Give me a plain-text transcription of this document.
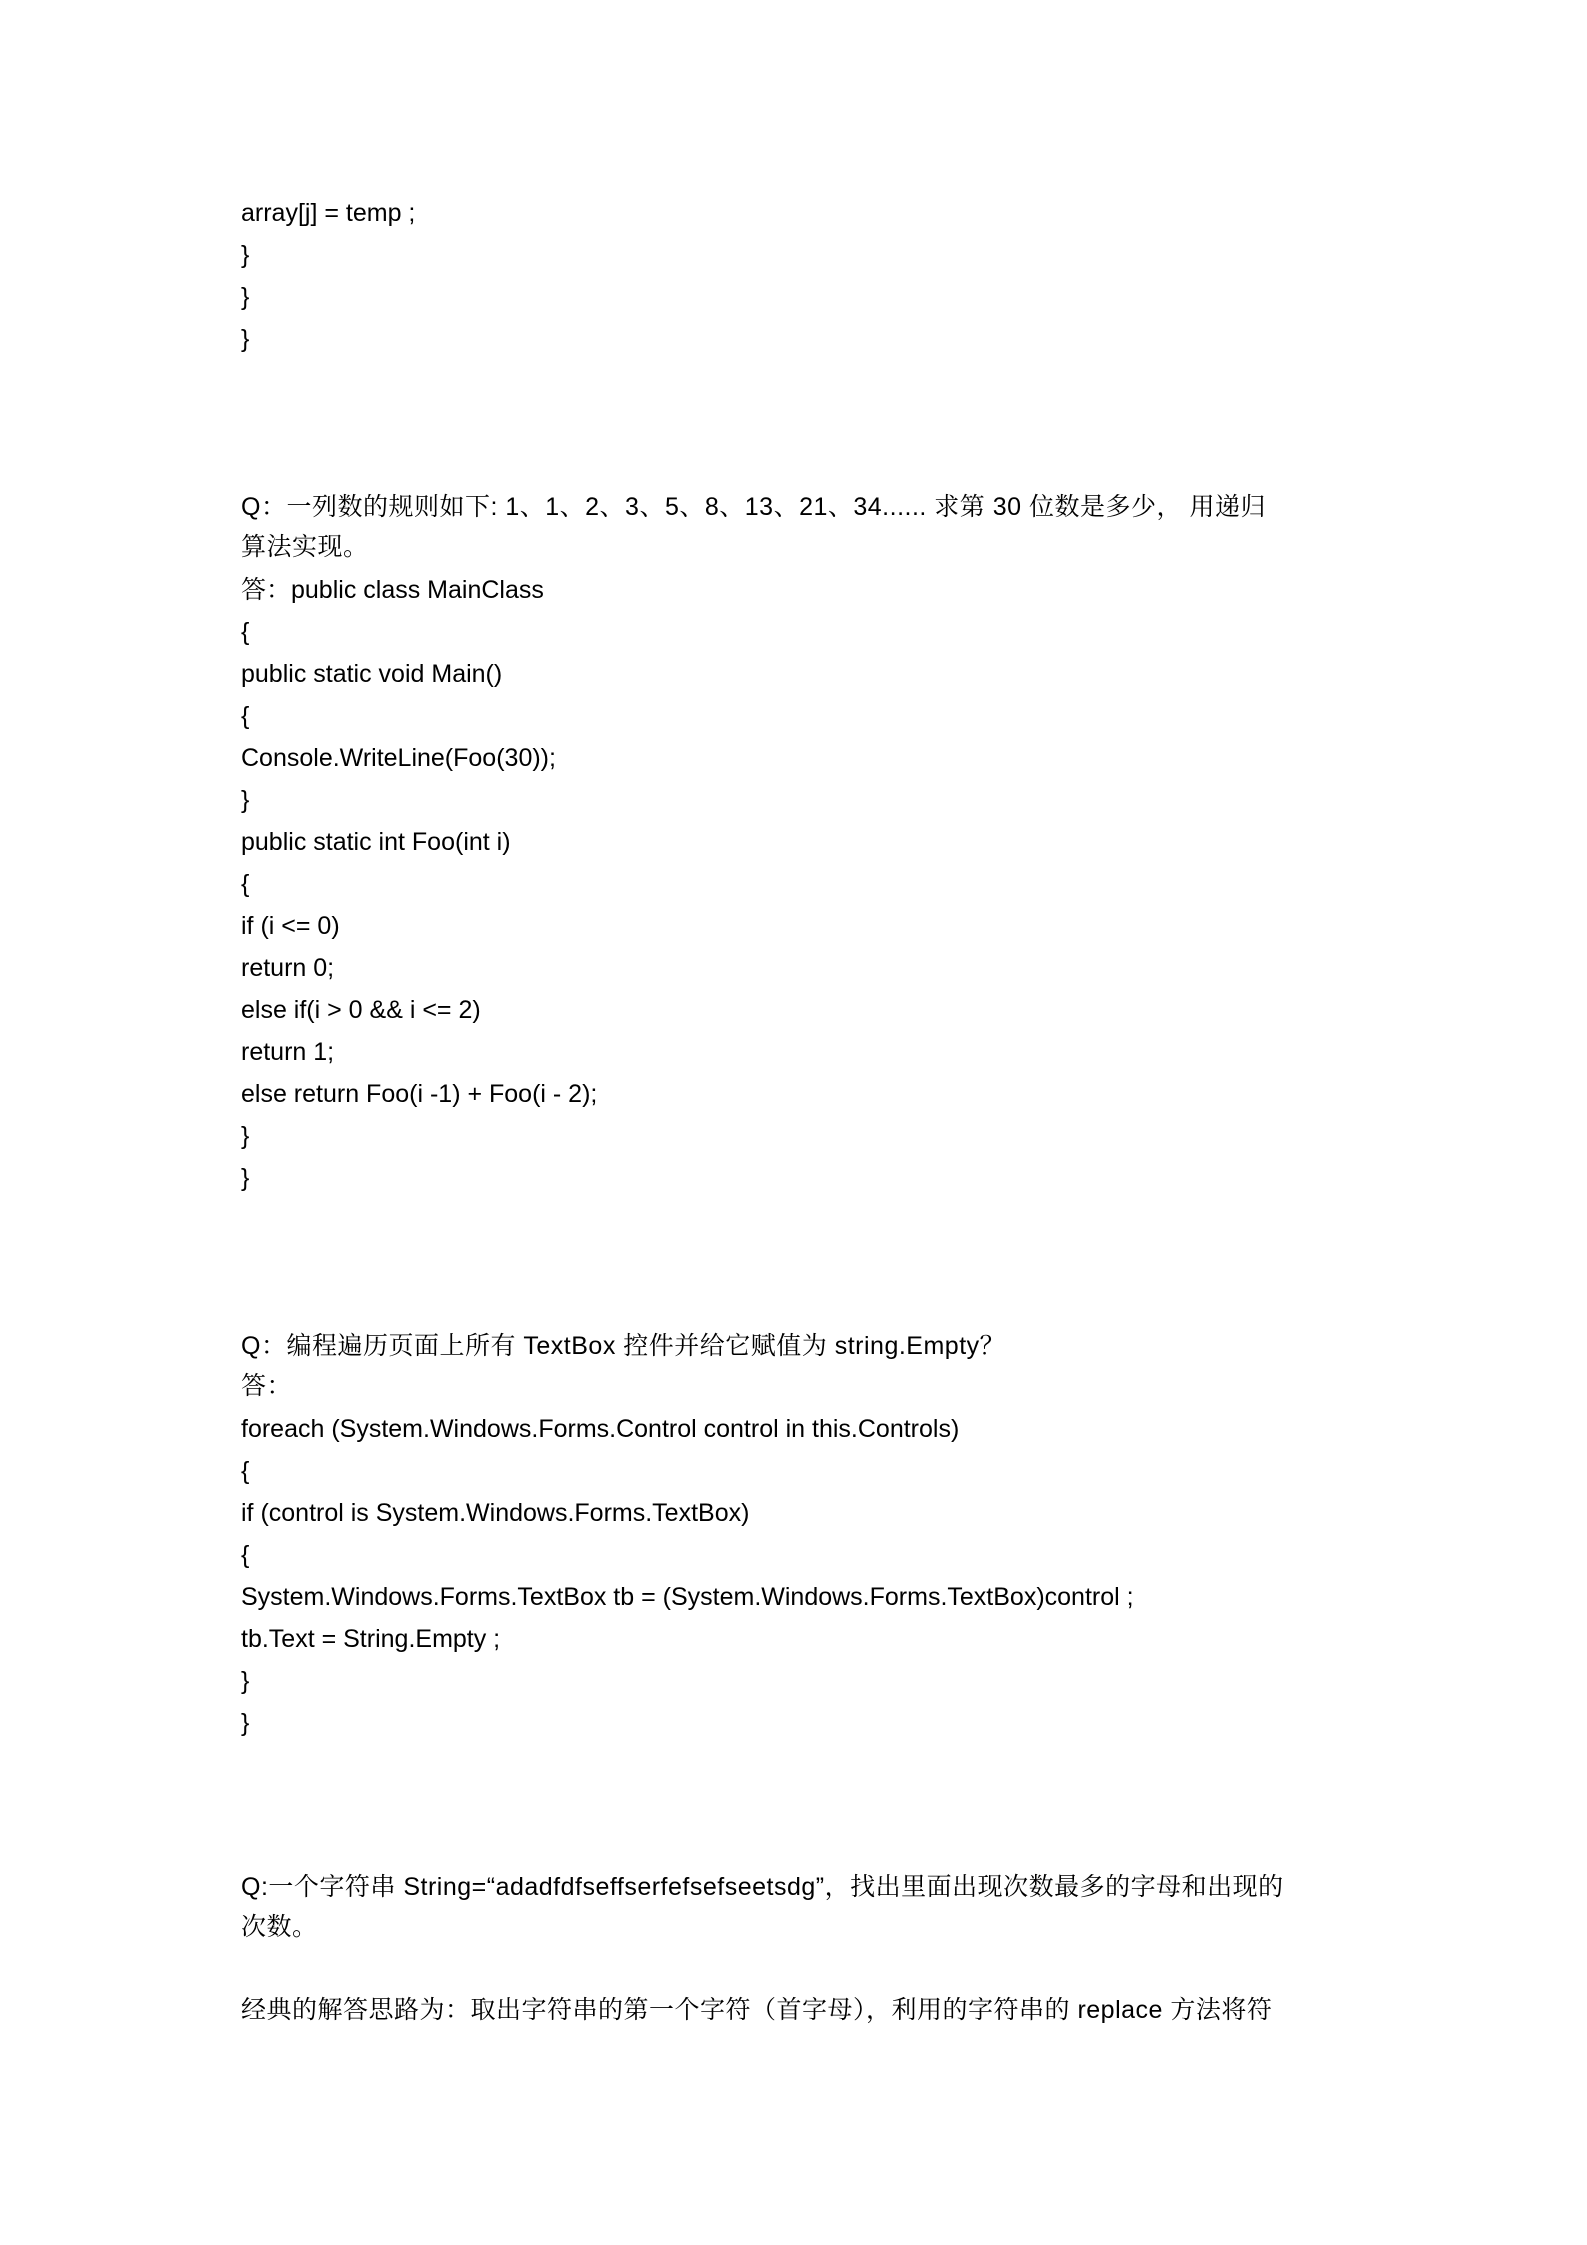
array[j] = temp ;
}
}
}
Q：一列数的规则如下: 1、1、2、3、5、8、13、21、34...... 求第 30 位数是多少， 用递归
算法实现。
答：public class MainClass
{
public static void Main()
{
Console.WriteLine(Foo(30));
}
public static int Foo(int i)
{
if (i <= 0)
return 0;
else if(i > 0 && i <= 2)
return 1;
else return Foo(i -1) + Foo(i - 2);
}
}
Q：编程遍历页面上所有 TextBox 控件并给它赋值为 string.Empty？
答：
foreach (System.Windows.Forms.Control control in this.Controls)
{
if (control is System.Windows.Forms.TextBox)
{
System.Windows.Forms.TextBox tb = (System.Windows.Forms.TextBox)control ;
tb.Text = String.Empty ;
}
}
Q:一个字符串 String=“adadfdfseffserfefsefseetsdg”，找出里面出现次数最多的字母和出现的
次数。
经典的解答思路为：取出字符串的第一个字符（首字母），利用的字符串的 replace 方法将符
